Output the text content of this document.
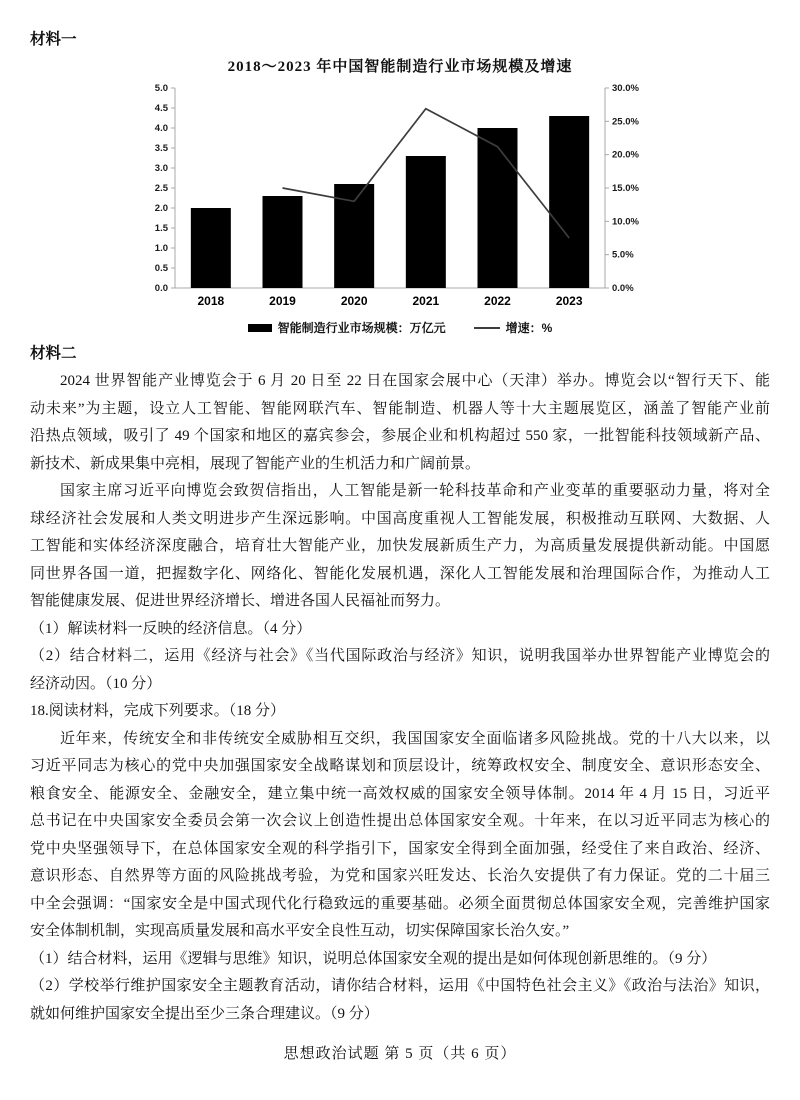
材料一
2018～2023 年中国智能制造行业市场规模及增速
0.0
0.5
1.0
1.5
2.0
2.5
3.0
3.5
4.0
4.5
5.0
0.0%
5.0%
10.0%
15.0%
20.0%
25.0%
30.0%
2018	2019	2020	2021	2022	2023
智能制造行业市场规模：万亿元	增速：%
材料二
2024 世界智能产业博览会于 6 月 20 日至 22 日在国家会展中心（天津）举办。博览会以“智行天下、能
动未来”为主题，设立人工智能、智能网联汽车、智能制造、机器人等十大主题展览区，涵盖了智能产业前
沿热点领域，吸引了 49 个国家和地区的嘉宾参会，参展企业和机构超过 550 家，一批智能科技领域新产品、
新技术、新成果集中亮相，展现了智能产业的生机活力和广阔前景。
国家主席习近平向博览会致贺信指出，人工智能是新一轮科技革命和产业变革的重要驱动力量，将对全
球经济社会发展和人类文明进步产生深远影响。中国高度重视人工智能发展，积极推动互联网、大数据、人
工智能和实体经济深度融合，培育壮大智能产业，加快发展新质生产力，为高质量发展提供新动能。中国愿
同世界各国一道，把握数字化、网络化、智能化发展机遇，深化人工智能发展和治理国际合作，为推动人工
智能健康发展、促进世界经济增长、增进各国人民福祉而努力。
（1）解读材料一反映的经济信息。（4 分）
（2）结合材料二，运用《经济与社会》《当代国际政治与经济》知识，说明我国举办世界智能产业博览会的
经济动因。（10 分）
18.阅读材料，完成下列要求。（18 分）
近年来，传统安全和非传统安全威胁相互交织，我国国家安全面临诸多风险挑战。党的十八大以来，以
习近平同志为核心的党中央加强国家安全战略谋划和顶层设计，统筹政权安全、制度安全、意识形态安全、
粮食安全、能源安全、金融安全，建立集中统一高效权威的国家安全领导体制。2014 年 4 月 15 日，习近平
总书记在中央国家安全委员会第一次会议上创造性提出总体国家安全观。十年来，在以习近平同志为核心的
党中央坚强领导下，在总体国家安全观的科学指引下，国家安全得到全面加强，经受住了来自政治、经济、
意识形态、自然界等方面的风险挑战考验，为党和国家兴旺发达、长治久安提供了有力保证。党的二十届三
中全会强调：“国家安全是中国式现代化行稳致远的重要基础。必须全面贯彻总体国家安全观，完善维护国家
安全体制机制，实现高质量发展和高水平安全良性互动，切实保障国家长治久安。”
（1）结合材料，运用《逻辑与思维》知识，说明总体国家安全观的提出是如何体现创新思维的。（9 分）
（2）学校举行维护国家安全主题教育活动，请你结合材料，运用《中国特色社会主义》《政治与法治》知识，
就如何维护国家安全提出至少三条合理建议。（9 分）
思想政治试题 第 5 页（共 6 页）
